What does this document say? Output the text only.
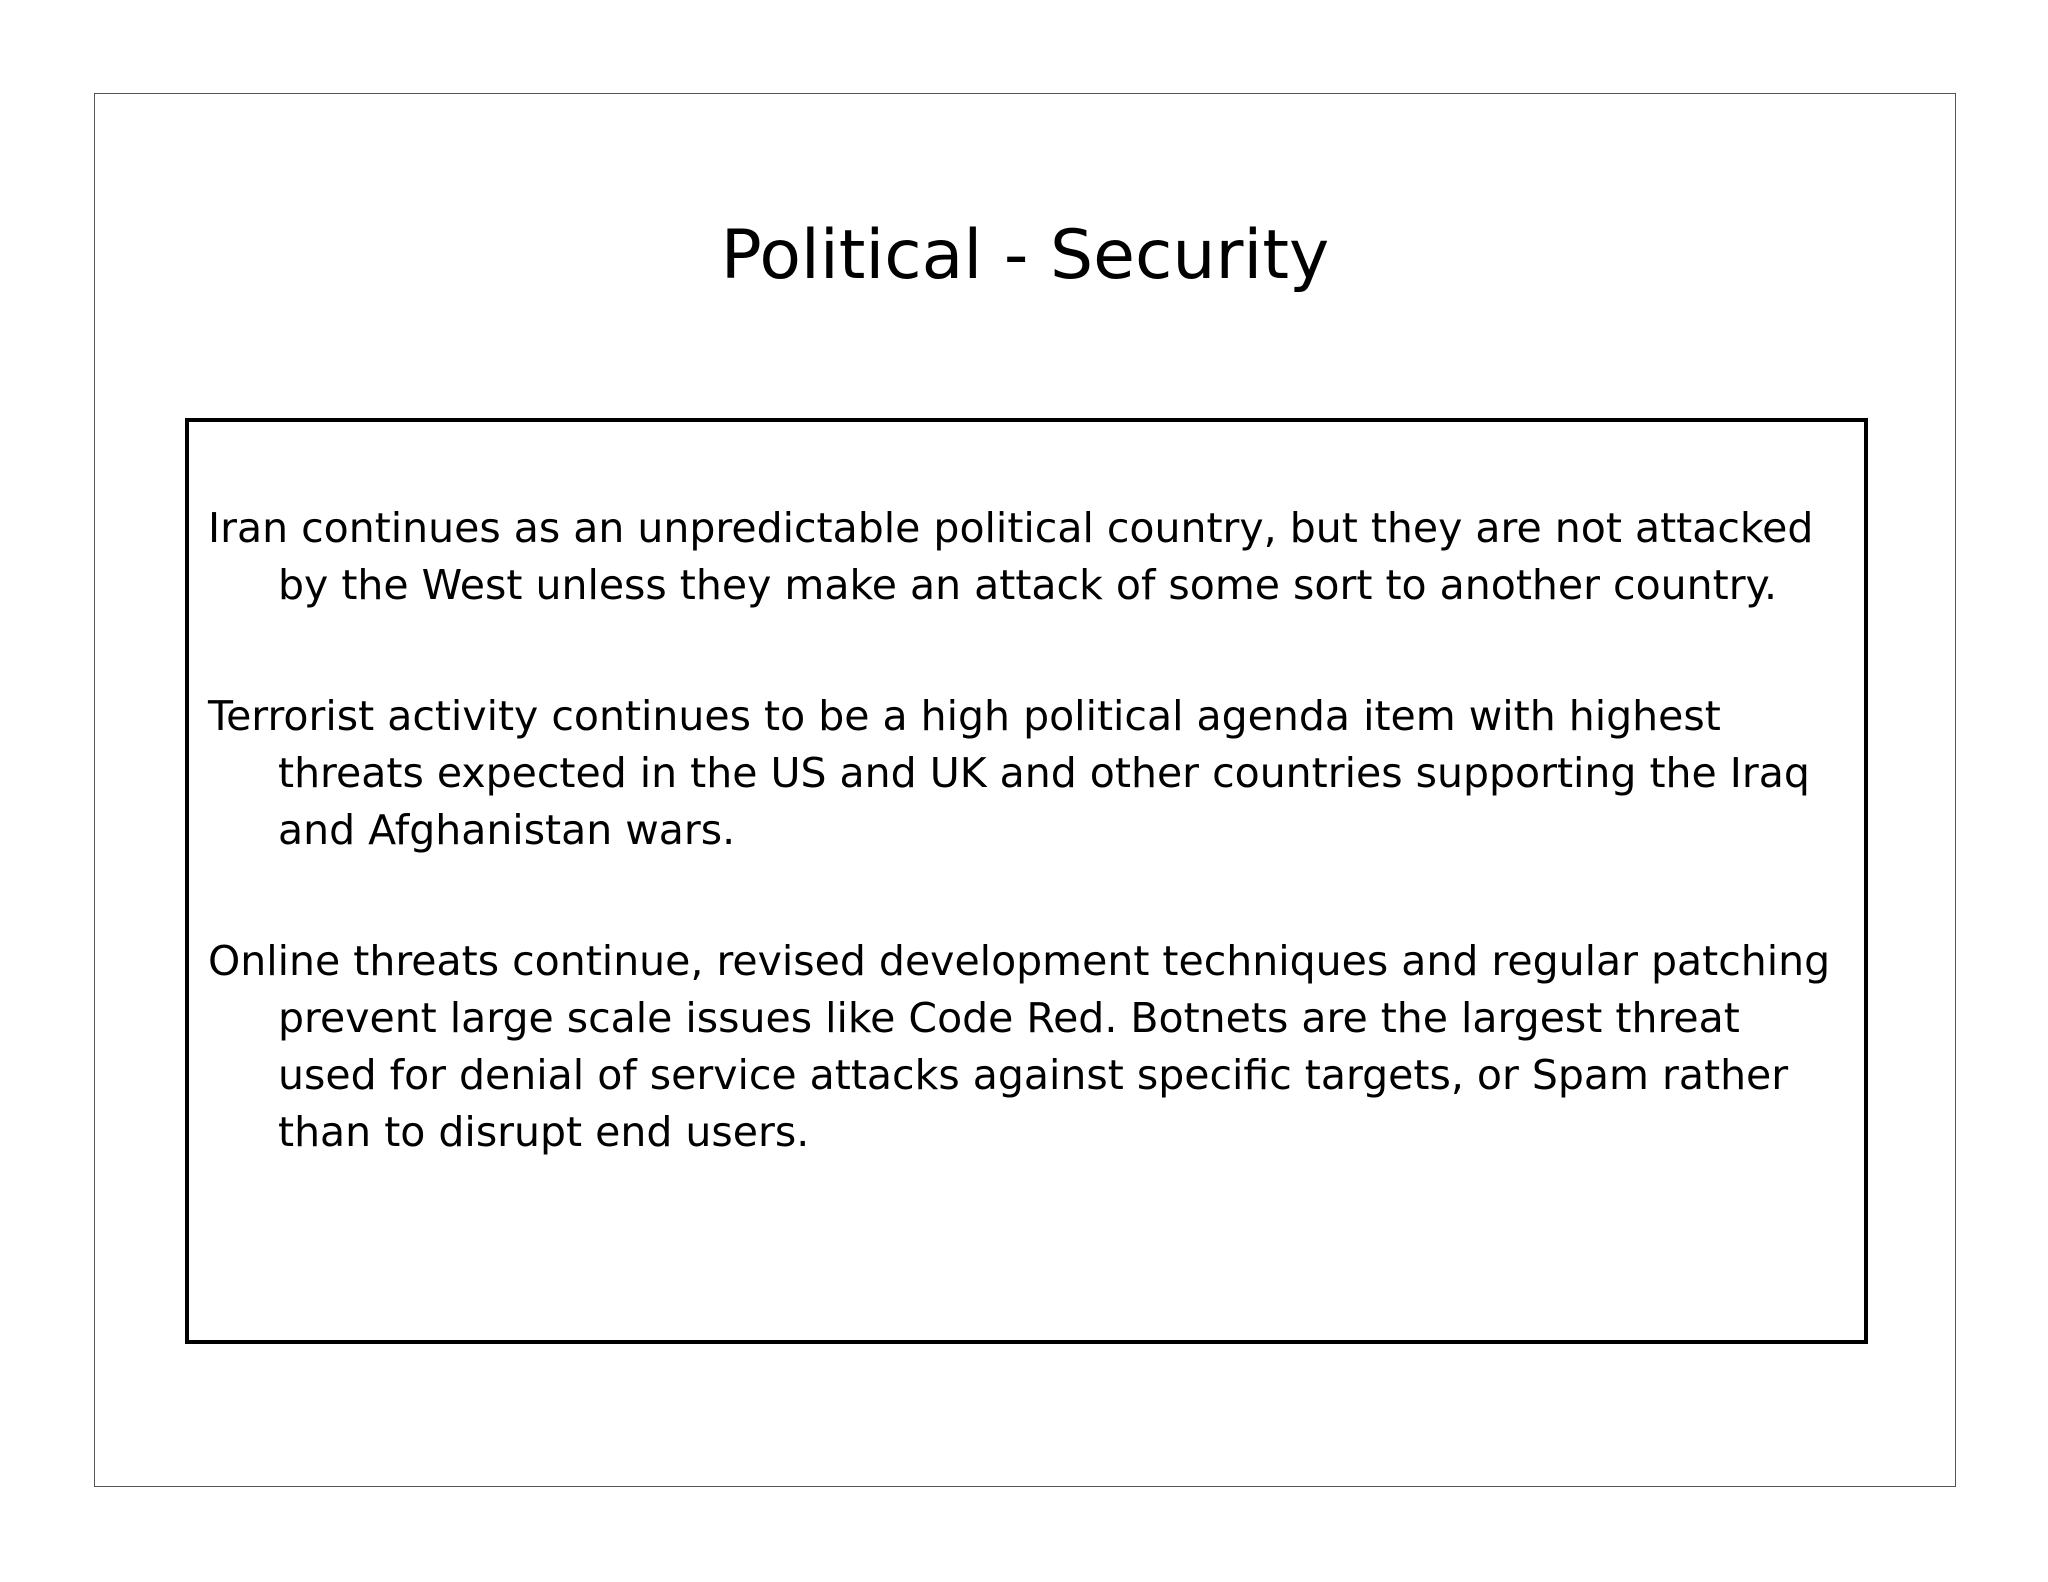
Political - Security
Iran continues as an unpredictable political country, but they are not attacked by the West unless they make an attack of some sort to another country.
Terrorist activity continues to be a high political agenda item with highest threats expected in the US and UK and other countries supporting the Iraq and Afghanistan wars.
Online threats continue, revised development techniques and regular patching prevent large scale issues like Code Red. Botnets are the largest threat used for denial of service attacks against specific targets, or Spam rather than to disrupt end users.
